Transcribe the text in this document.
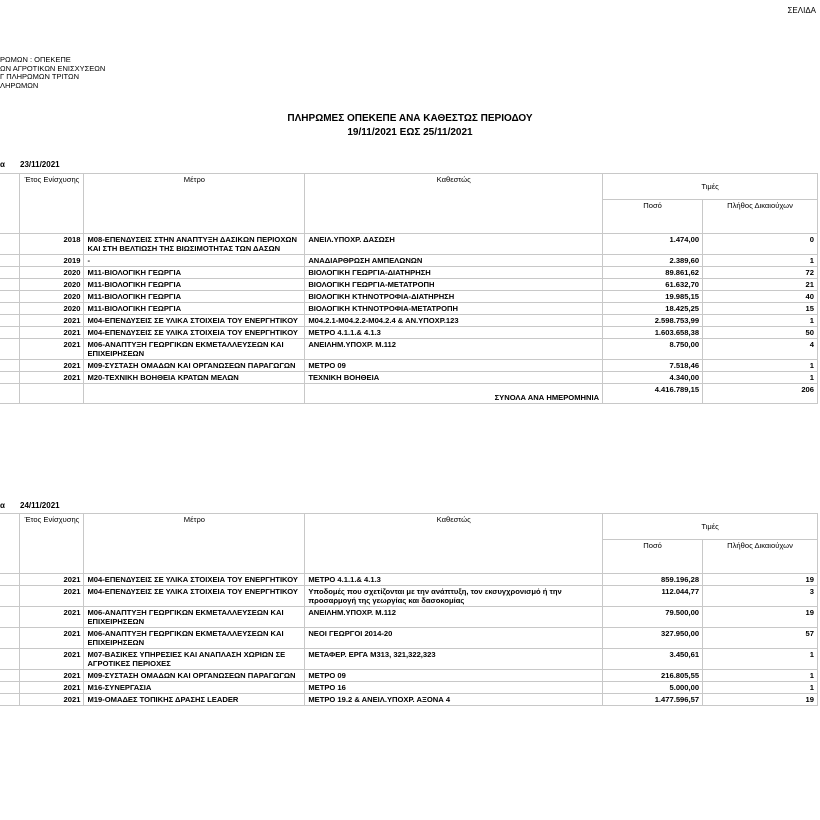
ΣΕΛΙΔΑ
ΡΩΜΩΝ : ΟΠΕΚΕΠΕ
ΩΝ ΑΓΡΟΤΙΚΩΝ ΕΝΙΣΧΥΣΕΩΝ
Γ ΠΛΗΡΩΜΩΝ ΤΡΙΤΩΝ
ΛΗΡΩΜΩΝ
ΠΛΗΡΩΜΕΣ ΟΠΕΚΕΠΕ ΑΝΑ ΚΑΘΕΣΤΩΣ ΠΕΡΙΟΔΟΥ
19/11/2021 ΕΩΣ 25/11/2021
α 23/11/2021
	Έτος Ενίσχυσης	Μέτρο	Καθεστώς	Τιμές	
				Ποσό	Πλήθος Δικαιούχων
	2018	Μ08-ΕΠΕΝΔΥΣΕΙΣ ΣΤΗΝ ΑΝΑΠΤΥΞΗ ΔΑΣΙΚΩΝ ΠΕΡΙΟΧΩΝ ΚΑΙ ΣΤΗ ΒΕΛΤΙΩΣΗ ΤΗΣ ΒΙΩΣΙΜΟΤΗΤΑΣ ΤΩΝ ΔΑΣΩΝ	ΑΝΕΙΛ.ΥΠΟΧΡ. ΔΑΣΩΣΗ	1.474,00	0
	2019	-	ΑΝΑΔΙΑΡΘΡΩΣΗ ΑΜΠΕΛΩΝΩΝ	2.389,60	1
	2020	Μ11-ΒΙΟΛΟΓΙΚΗ ΓΕΩΡΓΙΑ	ΒΙΟΛΟΓΙΚΗ ΓΕΩΡΓΙΑ-ΔΙΑΤΗΡΗΣΗ	89.861,62	72
	2020	Μ11-ΒΙΟΛΟΓΙΚΗ ΓΕΩΡΓΙΑ	ΒΙΟΛΟΓΙΚΗ ΓΕΩΡΓΙΑ-ΜΕΤΑΤΡΟΠΗ	61.632,70	21
	2020	Μ11-ΒΙΟΛΟΓΙΚΗ ΓΕΩΡΓΙΑ	ΒΙΟΛΟΓΙΚΗ ΚΤΗΝΟΤΡΟΦΙΑ-ΔΙΑΤΗΡΗΣΗ	19.985,15	40
	2020	Μ11-ΒΙΟΛΟΓΙΚΗ ΓΕΩΡΓΙΑ	ΒΙΟΛΟΓΙΚΗ ΚΤΗΝΟΤΡΟΦΙΑ-ΜΕΤΑΤΡΟΠΗ	18.425,25	15
	2021	Μ04-ΕΠΕΝΔΥΣΕΙΣ ΣΕ ΥΛΙΚΑ ΣΤΟΙΧΕΙΑ ΤΟΥ ΕΝΕΡΓΗΤΙΚΟΥ	Μ04.2.1-Μ04.2.2-Μ04.2.4 & ΑΝ.ΥΠΟΧΡ.123	2.598.753,99	1
	2021	Μ04-ΕΠΕΝΔΥΣΕΙΣ ΣΕ ΥΛΙΚΑ ΣΤΟΙΧΕΙΑ ΤΟΥ ΕΝΕΡΓΗΤΙΚΟΥ	ΜΕΤΡΟ 4.1.1.& 4.1.3	1.603.658,38	50
	2021	Μ06-ΑΝΑΠΤΥΞΗ ΓΕΩΡΓΙΚΩΝ ΕΚΜΕΤΑΛΛΕΥΣΕΩΝ ΚΑΙ ΕΠΙΧΕΙΡΗΣΕΩΝ	ΑΝΕΙΛΗΜ.ΥΠΟΧΡ. Μ.112	8.750,00	4
	2021	Μ09-ΣΥΣΤΑΣΗ ΟΜΑΔΩΝ ΚΑΙ ΟΡΓΑΝΩΣΕΩΝ ΠΑΡΑΓΩΓΩΝ	ΜΕΤΡΟ 09	7.518,46	1
	2021	Μ20-ΤΕΧΝΙΚΗ ΒΟΗΘΕΙΑ ΚΡΑΤΩΝ ΜΕΛΩΝ	ΤΕΧΝΙΚΗ ΒΟΗΘΕΙΑ	4.340,00	1
			ΣΥΝΟΛΑ ΑΝΑ ΗΜΕΡΟΜΗΝΙΑ	4.416.789,15	206
α 24/11/2021
	Έτος Ενίσχυσης	Μέτρο	Καθεστώς	Τιμές	
				Ποσό	Πλήθος Δικαιούχων
	2021	Μ04-ΕΠΕΝΔΥΣΕΙΣ ΣΕ ΥΛΙΚΑ ΣΤΟΙΧΕΙΑ ΤΟΥ ΕΝΕΡΓΗΤΙΚΟΥ	ΜΕΤΡΟ 4.1.1.& 4.1.3	859.196,28	19
	2021	Μ04-ΕΠΕΝΔΥΣΕΙΣ ΣΕ ΥΛΙΚΑ ΣΤΟΙΧΕΙΑ ΤΟΥ ΕΝΕΡΓΗΤΙΚΟΥ	Υποδομές που σχετίζονται με την ανάπτυξη, τον εκσυγχρονισμό ή την προσαρμογή της γεωργίας και δασοκομίας	112.044,77	3
	2021	Μ06-ΑΝΑΠΤΥΞΗ ΓΕΩΡΓΙΚΩΝ ΕΚΜΕΤΑΛΛΕΥΣΕΩΝ ΚΑΙ ΕΠΙΧΕΙΡΗΣΕΩΝ	ΑΝΕΙΛΗΜ.ΥΠΟΧΡ. Μ.112	79.500,00	19
	2021	Μ06-ΑΝΑΠΤΥΞΗ ΓΕΩΡΓΙΚΩΝ ΕΚΜΕΤΑΛΛΕΥΣΕΩΝ ΚΑΙ ΕΠΙΧΕΙΡΗΣΕΩΝ	ΝΕΟΙ ΓΕΩΡΓΟΙ 2014-20	327.950,00	57
	2021	Μ07-ΒΑΣΙΚΕΣ ΥΠΗΡΕΣΙΕΣ ΚΑΙ ΑΝΑΠΛΑΣΗ ΧΩΡΙΩΝ ΣΕ ΑΓΡΟΤΙΚΕΣ ΠΕΡΙΟΧΕΣ	ΜΕΤΑΦΕΡ. ΕΡΓΑ Μ313, 321,322,323	3.450,61	1
	2021	Μ09-ΣΥΣΤΑΣΗ ΟΜΑΔΩΝ ΚΑΙ ΟΡΓΑΝΩΣΕΩΝ ΠΑΡΑΓΩΓΩΝ	ΜΕΤΡΟ 09	216.805,55	1
	2021	Μ16-ΣΥΝΕΡΓΑΣΙΑ	ΜΕΤΡΟ 16	5.000,00	1
	2021	Μ19-ΟΜΑΔΕΣ ΤΟΠΙΚΗΣ ΔΡΑΣΗΣ LEADER	ΜΕΤΡΟ 19.2 & ΑΝΕΙΛ.ΥΠΟΧΡ. ΑΞΟΝΑ 4	1.477.596,57	19
